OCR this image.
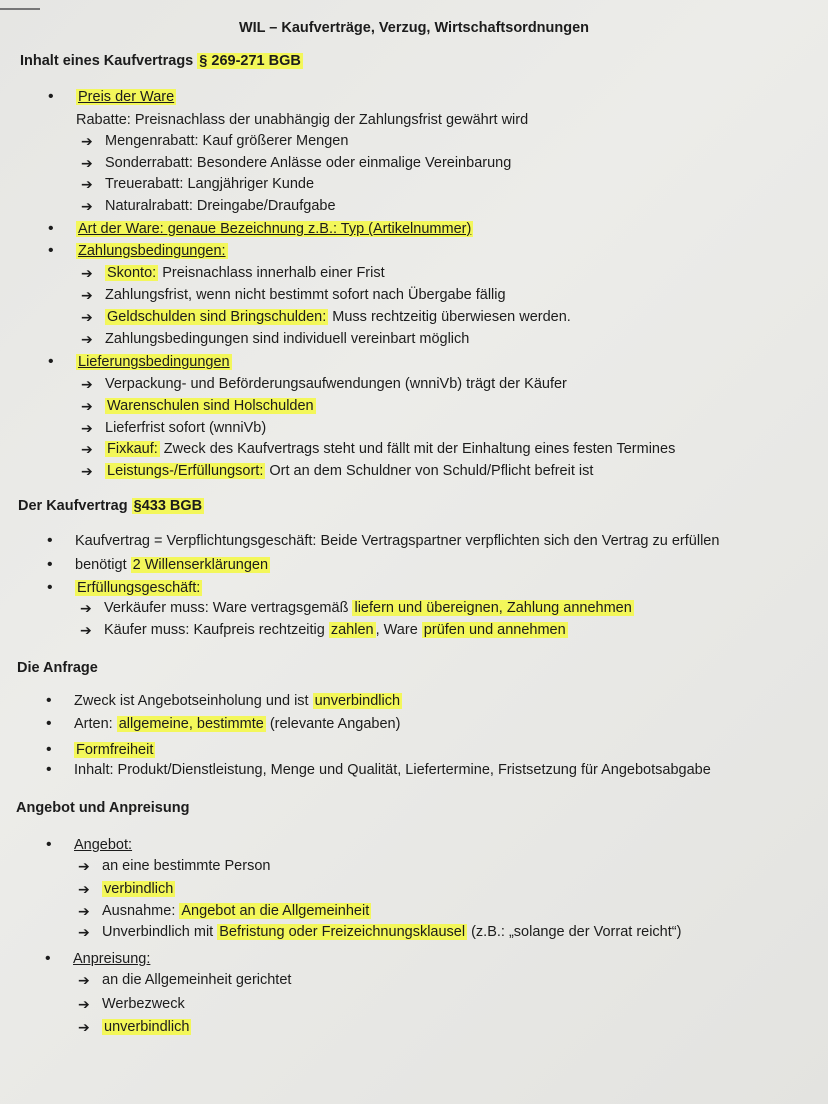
WIL – Kaufverträge, Verzug, Wirtschaftsordnungen
Inhalt eines Kaufvertrags § 269-271 BGB
• Preis der Ware
Rabatte: Preisnachlass der unabhängig der Zahlungsfrist gewährt wird
➔ Mengenrabatt: Kauf größerer Mengen
➔ Sonderrabatt: Besondere Anlässe oder einmalige Vereinbarung
➔ Treuerabatt: Langjähriger Kunde
➔ Naturalrabatt: Dreingabe/Draufgabe
• Art der Ware: genaue Bezeichnung z.B.: Typ (Artikelnummer)
• Zahlungsbedingungen:
➔ Skonto: Preisnachlass innerhalb einer Frist
➔ Zahlungsfrist, wenn nicht bestimmt sofort nach Übergabe fällig
➔ Geldschulden sind Bringschulden: Muss rechtzeitig überwiesen werden.
➔ Zahlungsbedingungen sind individuell vereinbart möglich
• Lieferungsbedingungen
➔ Verpackung- und Beförderungsaufwendungen (wnniVb) trägt der Käufer
➔ Warenschulen sind Holschulden
➔ Lieferfrist sofort (wnniVb)
➔ Fixkauf: Zweck des Kaufvertrags steht und fällt mit der Einhaltung eines festen Termines
➔ Leistungs-/Erfüllungsort: Ort an dem Schuldner von Schuld/Pflicht befreit ist
Der Kaufvertrag §433 BGB
• Kaufvertrag = Verpflichtungsgeschäft: Beide Vertragspartner verpflichten sich den Vertrag zu erfüllen
• benötigt 2 Willenserklärungen
• Erfüllungsgeschäft:
➔ Verkäufer muss: Ware vertragsgemäß liefern und übereignen, Zahlung annehmen
➔ Käufer muss: Kaufpreis rechtzeitig zahlen , Ware prüfen und annehmen
Die Anfrage
• Zweck ist Angebotseinholung und ist unverbindlich
• Arten: allgemeine, bestimmte (relevante Angaben)
• Formfreiheit
• Inhalt: Produkt/Dienstleistung, Menge und Qualität, Liefertermine, Fristsetzung für Angebotsabgabe
Angebot und Anpreisung
• Angebot:
➔ an eine bestimmte Person
➔ verbindlich
➔ Ausnahme: Angebot an die Allgemeinheit
➔ Unverbindlich mit Befristung oder Freizeichnungsklausel (z.B.: „solange der Vorrat reicht“)
• Anpreisung:
➔ an die Allgemeinheit gerichtet
➔ Werbezweck
➔ unverbindlich
